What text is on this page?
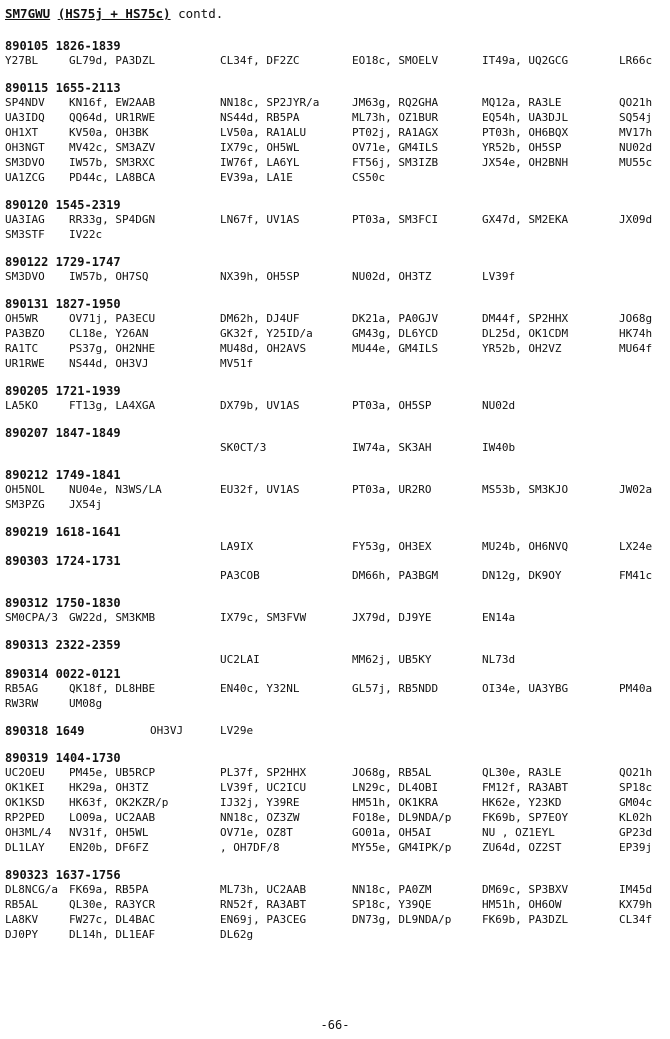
SM7GWU (HS75j + HS75c) contd.
890105 1826-1839
Y27BL	GL79d, PA3DZL	CL34f, DF2ZC	EO18c, SMOELV	IT49a, UQ2GCG	LR66c
890115 1655-2113
SP4NDV KN16f, EW2AAB	NN18c, SP2JYR/a	JM63g, RQ2GHA	MQ12a, RA3LE	QO21h
UA3IDQ QQ64d, UR1RWE	NS44d, RB5PA	ML73h, OZ1BUR	EQ54h, UA3DJL	SQ54j
OH1XT	KV50a, OH3BK	LV50a, RA1ALU	PT02j, RA1AGX	PT03h, OH6BQX	MV17h
OH3NGT MV42c, SM3AZV	IX79c, OH5WL	OV71e, GM4ILS	YR52b, OH5SP	NU02d
SM3DVO IW57b, SM3RXC	IW76f, LA6YL	FT56j, SM3IZB	JX54e, OH2BNH	MU55c
UA1ZCG PD44c, LA8BCA	EV39a, LA1E	CS50c
890120 1545-2319
UA3IAG RR33g, SP4DGN	LN67f, UV1AS	PT03a, SM3FCI	GX47d, SM2EKA	JX09d
SM3STF IV22c
890122 1729-1747
SM3DVO IW57b, OH7SQ	NX39h, OH5SP	NU02d, OH3TZ	LV39f
890131 1827-1950
OH5WR	OV71j, PA3ECU	DM62h, DJ4UF	DK21a, PA0GJV	DM44f, SP2HHX	JO68g
PA3BZO CL18e, Y26AN	GK32f, Y25ID/a	GM43g, DL6YCD	DL25d, OK1CDM	HK74h
RA1TC	PS37g, OH2NHE	MU48d, OH2AVS	MU44e, GM4ILS	YR52b, OH2VZ	MU64f
UR1RWE NS44d, OH3VJ	MV51f
890205 1721-1939
LA5KO	FT13g, LA4XGA	DX79b, UV1AS	PT03a, OH5SP	NU02d
890207 1847-1849
SK0CT/3	IW74a, SK3AH	IW40b
890212 1749-1841
OH5NOL NU04e, N3WS/LA	EU32f, UV1AS	PT03a, UR2RO	MS53b, SM3KJO	JW02a
SM3PZG JX54j
890219 1618-1641
LA9IX	FY53g, OH3EX	MU24b, OH6NVQ	LX24e
890303 1724-1731
PA3COB	DM66h, PA3BGM	DN12g, DK9OY	FM41c
890312 1750-1830
SM0CPA/3 GW22d, SM3KMB	IX79c, SM3FVW	JX79d, DJ9YE	EN14a
890313 2322-2359
UC2LAI	MM62j, UB5KY	NL73d
890314 0022-0121
RB5AG	QK18f, DL8HBE	EN40c, Y32NL	GL57j, RB5NDD	OI34e, UA3YBG	PM40a
RW3RW	UM08g
890318 1649	OH3VJ	LV29e
890319 1404-1730
UC2OEU PM45e, UB5RCP	PL37f, SP2HHX	JO68g, RB5AL	QL30e, RA3LE	QO21h
OK1KEI HK29a, OH3TZ	LV39f, UC2ICU	LN29c, DL4OBI	FM12f, RA3ABT	SP18c
OK1KSD HK63f, OK2KZR/p	IJ32j, Y39RE	HM51h, OK1KRA	HK62e, Y23KD	GM04c
RP2PED LO09a, UC2AAB	NN18c, OZ3ZW	FO18e, DL9NDA/p	FK69b, SP7EOY	KL02h
OH3ML/4 NV31f, OH5WL	OV71e, OZ8T	GO01a, OH5AI	NU , OZ1EYL	GP23d
DL1LAY EN20b, DF6FZ	, OH7DF/8	MY55e, GM4IPK/p	ZU64d, OZ2ST	EP39j
890323 1637-1756
DL8NCG/a FK69a, RB5PA	ML73h, UC2AAB	NN18c, PA0ZM	DM69c, SP3BXV	IM45d
RB5AL	QL30e, RA3YCR	RN52f, RA3ABT	SP18c, Y39QE	HM51h, OH6OW	KX79h
LA8KV	FW27c, DL4BAC	EN69j, PA3CEG	DN73g, DL9NDA/p	FK69b, PA3DZL	CL34f
DJ0PY	DL14h, DL1EAF	DL62g
-66-
